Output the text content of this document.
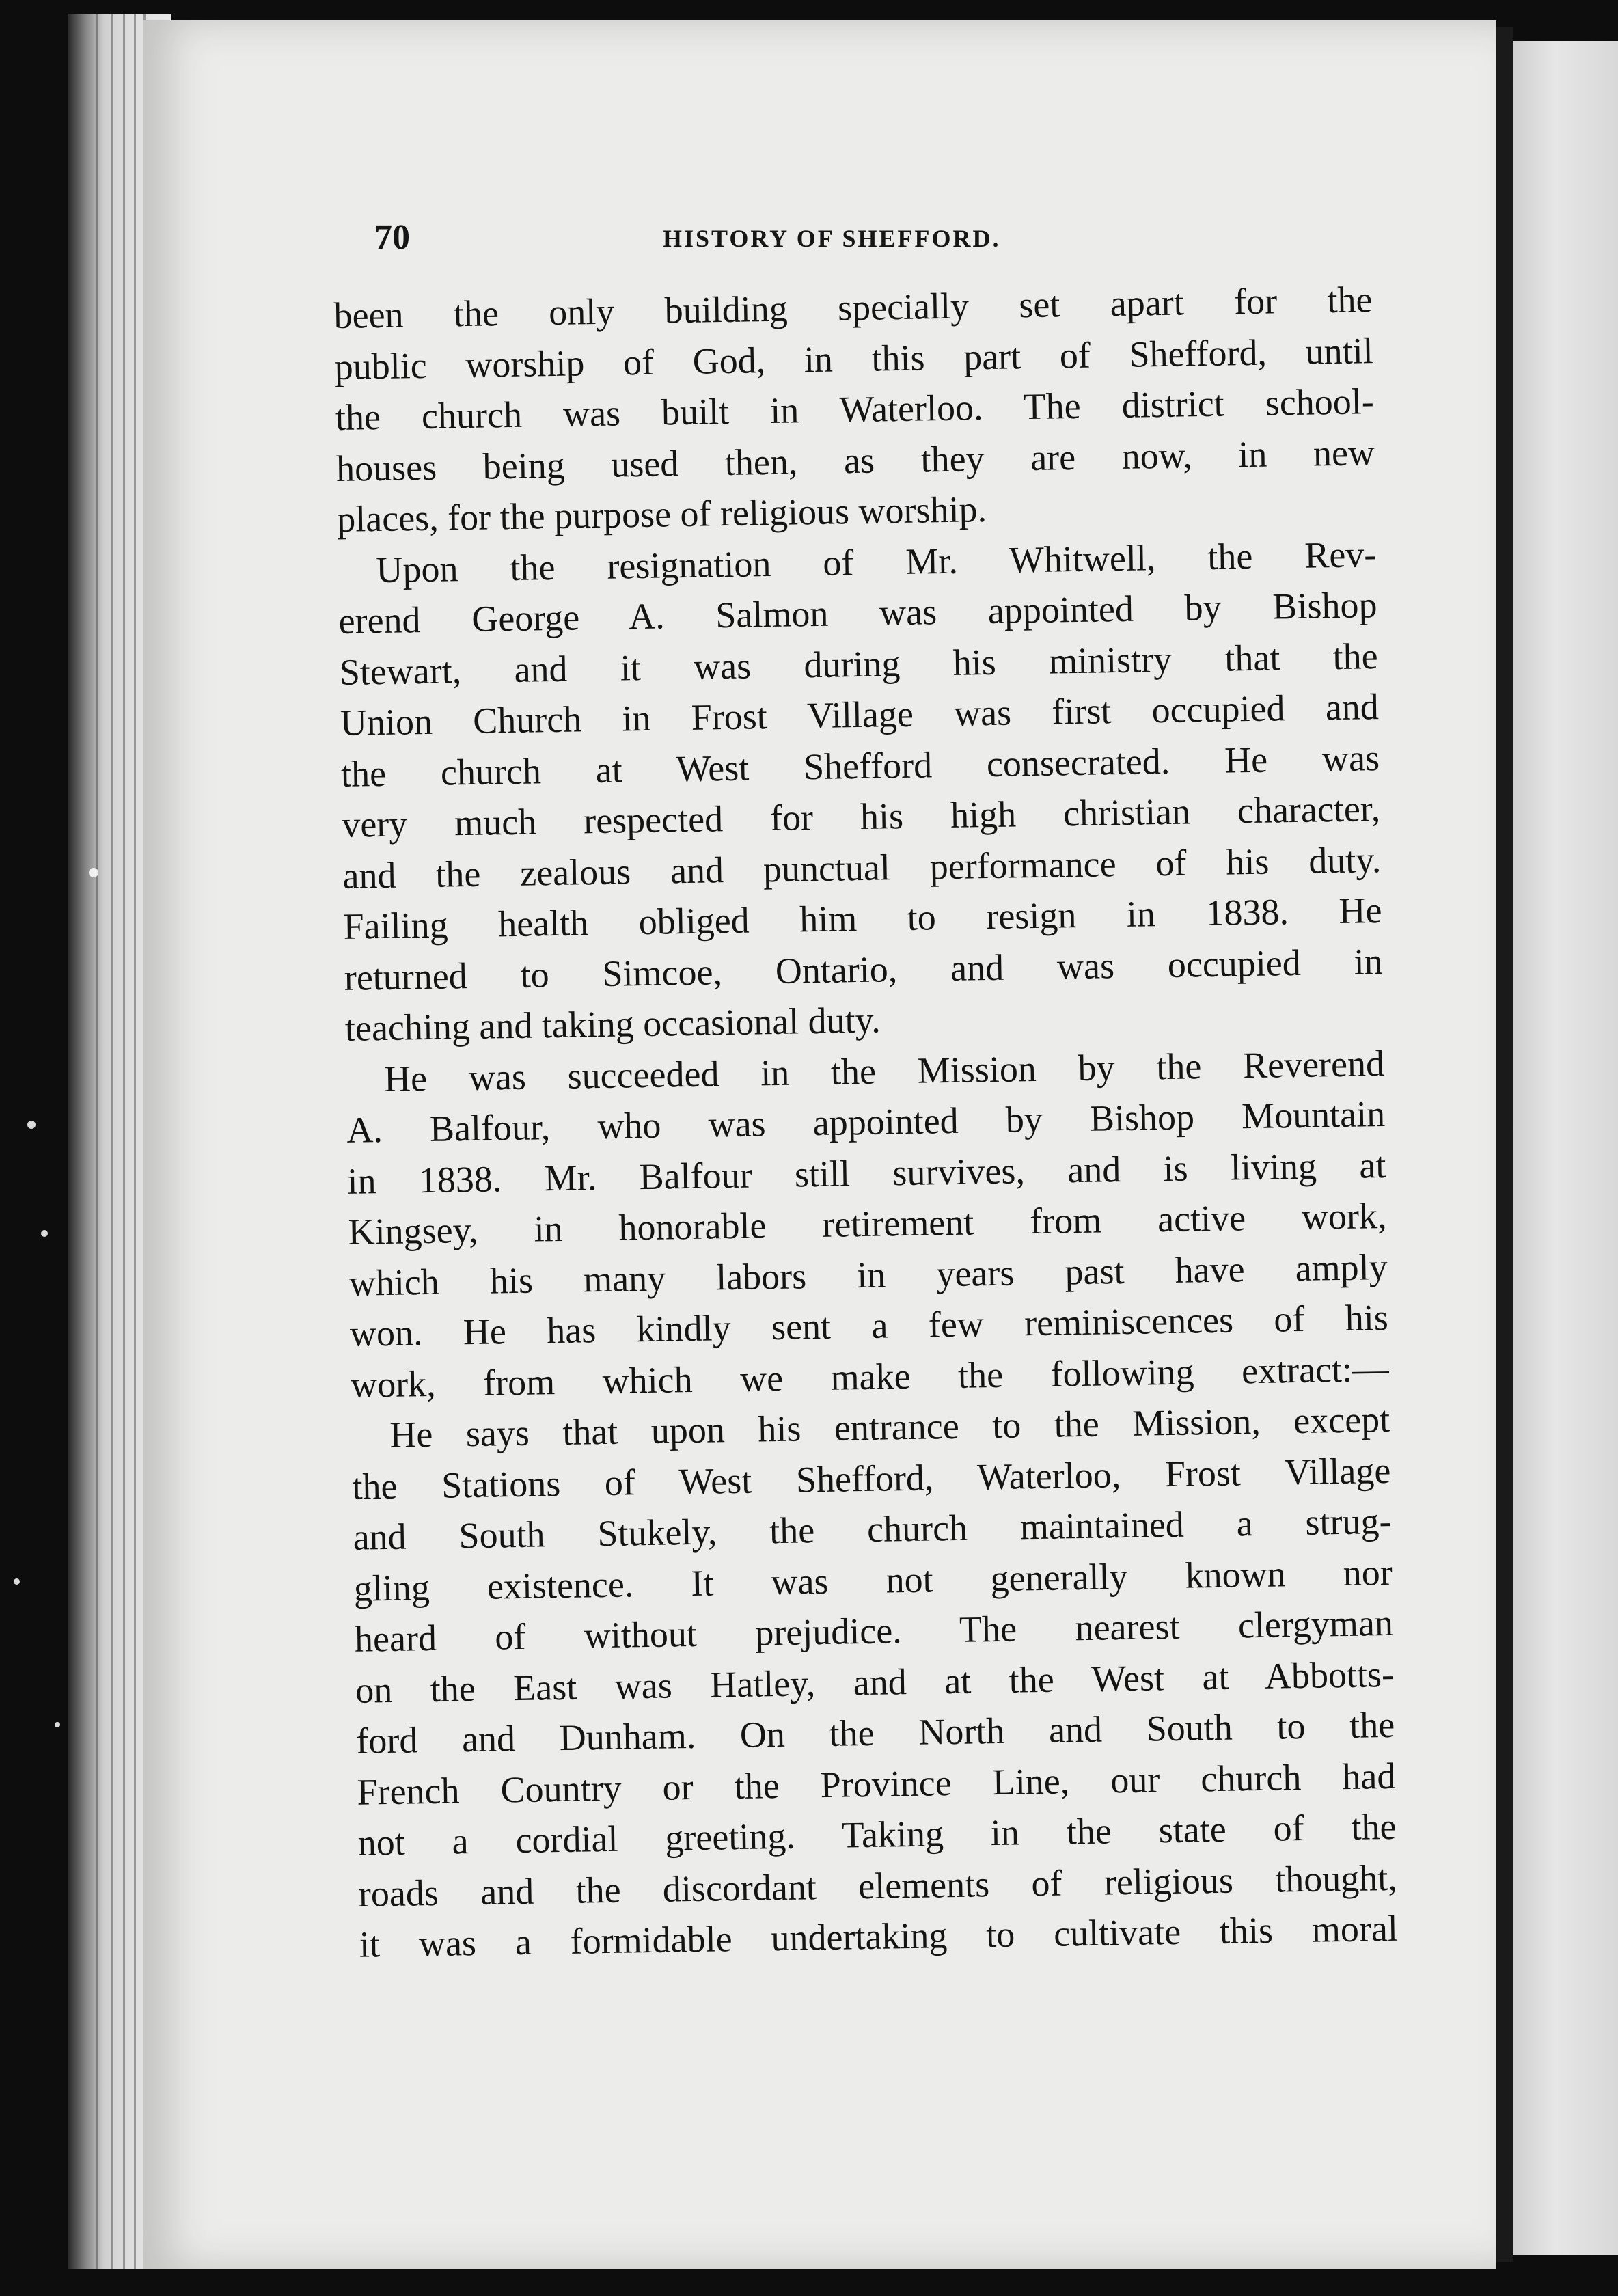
70	HISTORY OF SHEFFORD.
been the only building specially set apart for the
public worship of God, in this part of Shefford, until
the church was built in Waterloo. The district school-
houses being used then, as they are now, in new
places, for the purpose of religious worship.
Upon the resignation of Mr. Whitwell, the Rev-
erend George A. Salmon was appointed by Bishop
Stewart, and it was during his ministry that the
Union Church in Frost Village was first occupied and
the church at West Shefford consecrated. He was
very much respected for his high christian character,
and the zealous and punctual performance of his duty.
Failing health obliged him to resign in 1838. He
returned to Simcoe, Ontario, and was occupied in
teaching and taking occasional duty.
He was succeeded in the Mission by the Reverend
A. Balfour, who was appointed by Bishop Mountain
in 1838. Mr. Balfour still survives, and is living at
Kingsey, in honorable retirement from active work,
which his many labors in years past have amply
won. He has kindly sent a few reminiscences of his
work, from which we make the following extract:—
He says that upon his entrance to the Mission, except
the Stations of West Shefford, Waterloo, Frost Village
and South Stukely, the church maintained a strug-
gling existence. It was not generally known nor
heard of without prejudice. The nearest clergyman
on the East was Hatley, and at the West at Abbotts-
ford and Dunham. On the North and South to the
French Country or the Province Line, our church had
not a cordial greeting. Taking in the state of the
roads and the discordant elements of religious thought,
it was a formidable undertaking to cultivate this moral
